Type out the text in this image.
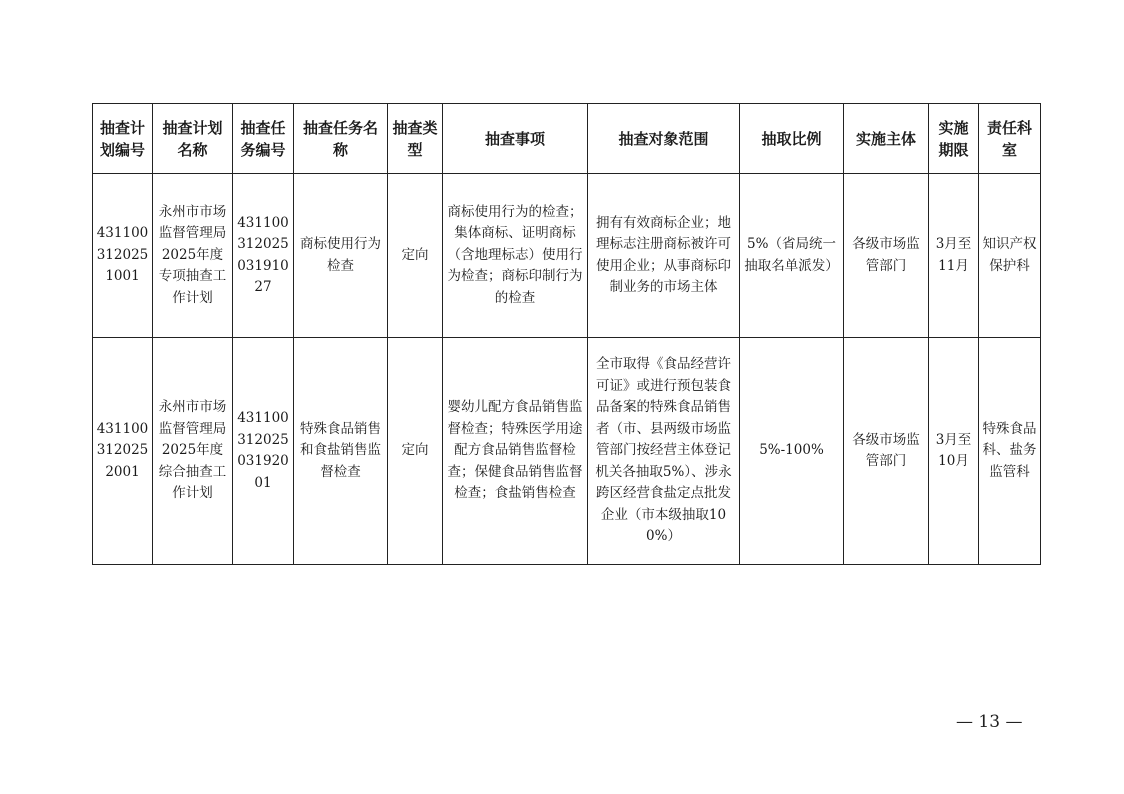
抽查计划编号	抽查计划名称	抽查任务编号	抽查任务名称	抽查类型	抽查事项	抽查对象范围	抽取比例	实施主体	实施期限	责任科室

4311003120251001	永州市市场监督管理局2025年度专项抽查工作计划	43110031202503191027	商标使用行为检查	定向	商标使用行为的检查；集体商标、证明商标（含地理标志）使用行为检查；商标印制行为的检查	拥有有效商标企业；地理标志注册商标被许可使用企业；从事商标印制业务的市场主体	5%（省局统一抽取名单派发）	各级市场监管部门	3月至11月	知识产权保护科

4311003120252001	永州市市场监督管理局2025年度综合抽查工作计划	43110031202503192001	特殊食品销售和食盐销售监督检查	定向	婴幼儿配方食品销售监督检查；特殊医学用途配方食品销售监督检查；保健食品销售监督检查；食盐销售检查	全市取得《食品经营许可证》或进行预包装食品备案的特殊食品销售者（市、县两级市场监管部门按经营主体登记机关各抽取5%）、涉永跨区经营食盐定点批发企业（市本级抽取100%）	5%-100%	各级市场监管部门	3月至10月	特殊食品科、盐务监管科
— 13 —
